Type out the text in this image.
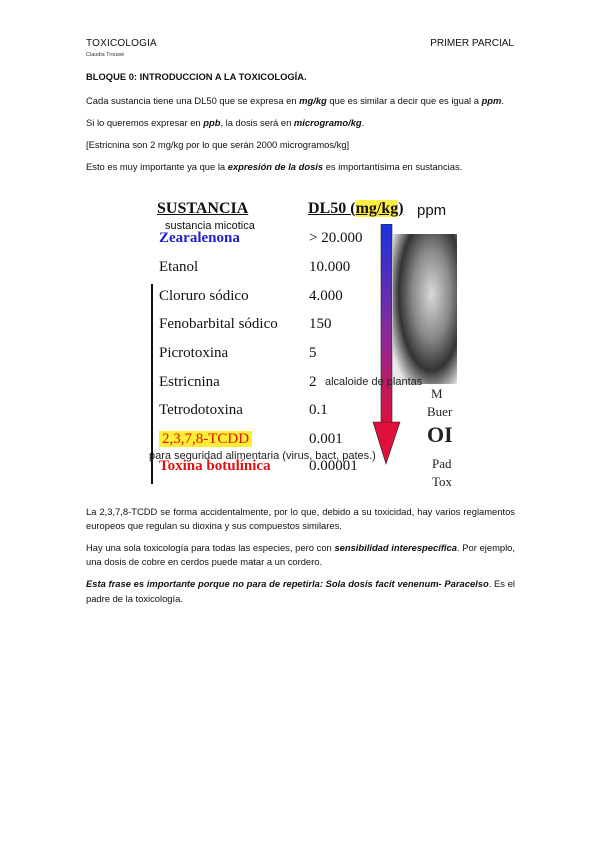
TOXICOLOGIA
Claudia Trouwé
PRIMER PARCIAL

BLOQUE 0: INTRODUCCION A LA TOXICOLOGÍA.

Cada sustancia tiene una DL50 que se expresa en mg/kg que es similar a decir que es igual a ppm.

Si lo queremos expresar en ppb, la dosis será en microgramo/kg.

[Estricnina son 2 mg/kg por lo que serán 2000 microgramos/kg]

Esto es muy importante ya que la expresión de la dosis es importantísima en sustancias.

M
Buer
OI
Pad
Tox
SUSTANCIA	DL50 (mg/kg) ppm
sustancia micotica
Zearalenona	> 20.000
Etanol	10.000
Cloruro sódico	4.000
Fenobarbital sódico 150
Picrotoxina	5
Estricnina	2 alcaloide de plantas
Tetrodotoxina	0.1
2,3,7,8-TCDD	0.001
para seguridad alimentaria (virus, bact, pates.)
Toxina botulínica	0.00001

La 2,3,7,8-TCDD se forma accidentalmente, por lo que, debido a su toxicidad, hay varios reglamentos europeos que regulan su dioxina y sus compuestos similares.

Hay una sola toxicología para todas las especies, pero con sensibilidad interespecífica. Por ejemplo, una dosis de cobre en cerdos puede matar a un cordero.

Esta frase es importante porque no para de repetirla: Sola dosis facit venenum- Paracelso. Es el padre de la toxicología.
